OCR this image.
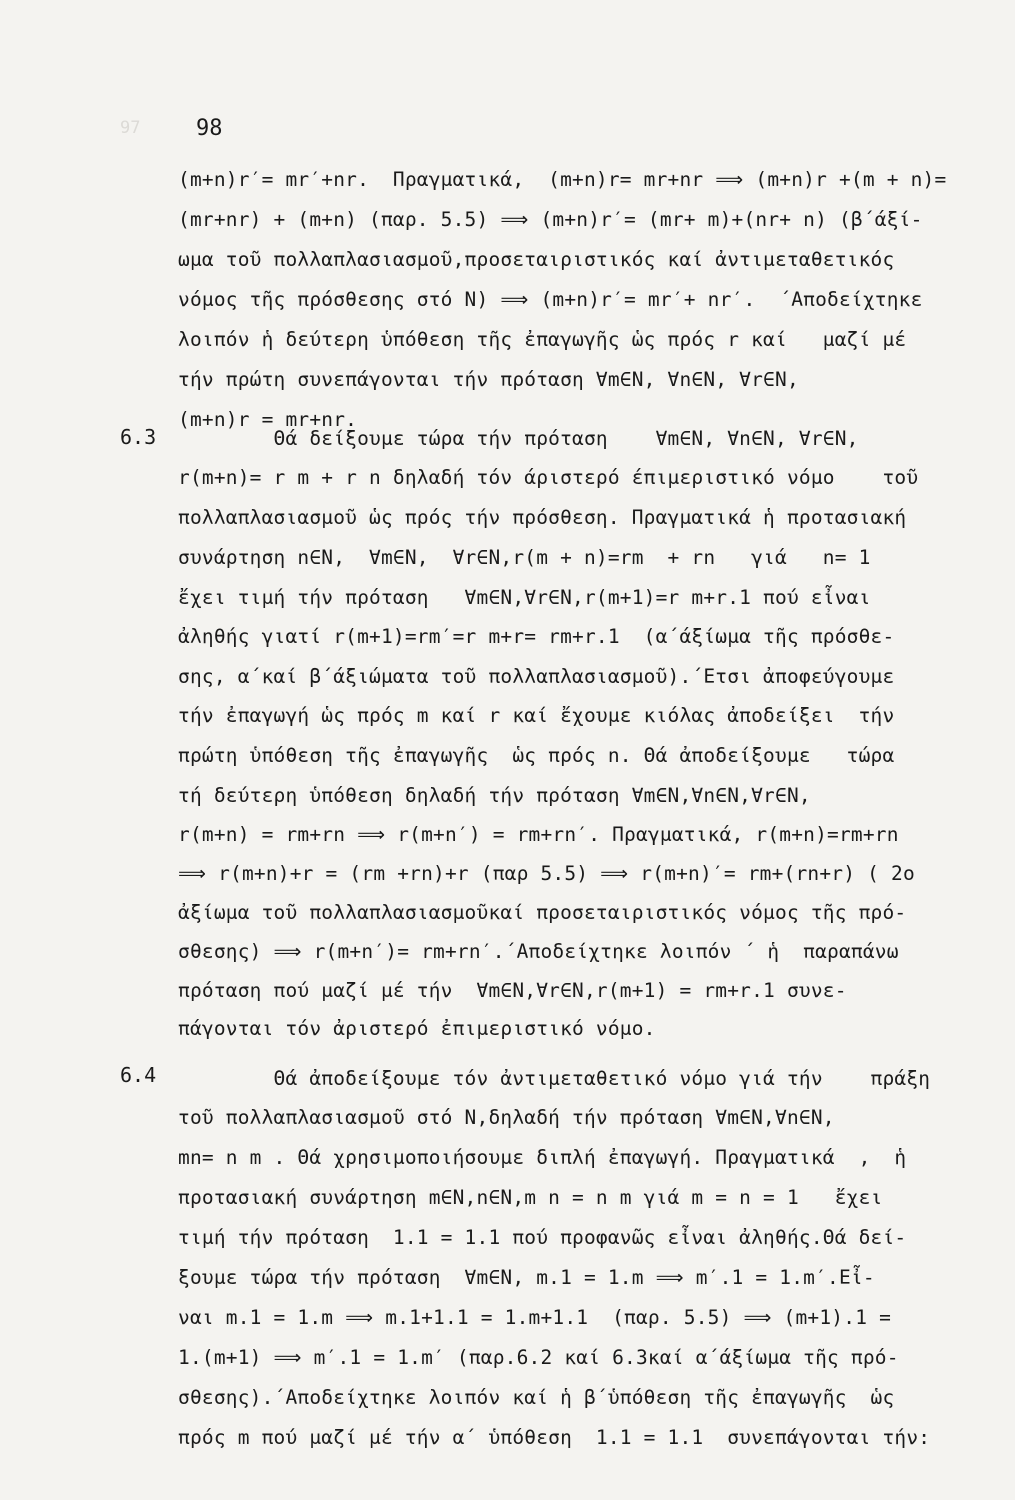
97	98
(m+n)r′= mr′+nr.  Πραγματικά,  (m+n)r= mr+nr ⟹ (m+n)r +(m + n)=
(mr+nr) + (m+n) (παρ. 5.5) ⟹ (m+n)r′= (mr+ m)+(nr+ n) (β΄άξί-
ωμα τοῦ πολλαπλασιασμοῦ,προσεταιριστικός καί ἀντιμεταθετικός
νόμος τῆς πρόσθεσης στό N) ⟹ (m+n)r′= mr′+ nr′.  ΄Αποδείχτηκε
λοιπόν ἡ δεύτερη ὑπόθεση τῆς ἐπαγωγῆς ὡς πρός r καί   μαζί μέ
τήν πρώτη συνεπάγονται τήν πρόταση ∀m∈N, ∀n∈N, ∀r∈N,
(m+n)r = mr+nr.
6.3 Θά δείξουμε τώρα τήν πρόταση    ∀m∈N, ∀n∈N, ∀r∈N,
r(m+n)= r m + r n δηλαδή τόν άριστερό έπιμεριστικό νόμο    τοῦ
πολλαπλασιασμοῦ ὡς πρός τήν πρόσθεση. Πραγματικά ἡ προτασιακή
συνάρτηση n∈N,  ∀m∈N,  ∀r∈N,r(m + n)=rm  + rn   γιά   n= 1
ἔχει τιμή τήν πρόταση   ∀m∈N,∀r∈N,r(m+1)=r m+r.1 πού εἶναι
ἀληθής γιατί r(m+1)=rm′=r m+r= rm+r.1  (α΄άξίωμα τῆς πρόσθε-
σης, α΄καί β΄άξιώματα τοῦ πολλαπλασιασμοῦ).΄Ετσι ἀποφεύγουμε
τήν ἐπαγωγή ὡς πρός m καί r καί ἔχουμε κιόλας ἀποδείξει  τήν
πρώτη ὑπόθεση τῆς ἐπαγωγῆς  ὡς πρός n. Θά ἀποδείξουμε   τώρα
τή δεύτερη ὑπόθεση δηλαδή τήν πρόταση ∀m∈N,∀n∈N,∀r∈N,
r(m+n) = rm+rn ⟹ r(m+n′) = rm+rn′. Πραγματικά, r(m+n)=rm+rn
⟹ r(m+n)+r = (rm +rn)+r (παρ 5.5) ⟹ r(m+n)′= rm+(rn+r) ( 2ο
ἀξίωμα τοῦ πολλαπλασιασμοῦκαί προσεταιριστικός νόμος τῆς πρό-
σθεσης) ⟹ r(m+n′)= rm+rn′.΄Αποδείχτηκε λοιπόν ΄ ἡ  παραπάνω
πρόταση πού μαζί μέ τήν  ∀m∈N,∀r∈N,r(m+1) = rm+r.1 συνε-
πάγονται τόν ἀριστερό ἐπιμεριστικό νόμο.
6.4 Θά ἀποδείξουμε τόν ἀντιμεταθετικό νόμο γιά τήν    πράξη
τοῦ πολλαπλασιασμοῦ στό N,δηλαδή τήν πρόταση ∀m∈N,∀n∈N,
mn= n m . Θά χρησιμοποιήσουμε διπλή ἐπαγωγή. Πραγματικά  ,  ἡ
προτασιακή συνάρτηση m∈N,n∈N,m n = n m γιά m = n = 1   ἔχει
τιμή τήν πρόταση  1.1 = 1.1 πού προφανῶς εἶναι ἀληθής.Θά δεί-
ξουμε τώρα τήν πρόταση  ∀m∈N, m.1 = 1.m ⟹ m′.1 = 1.m′.Εἶ-
ναι m.1 = 1.m ⟹ m.1+1.1 = 1.m+1.1  (παρ. 5.5) ⟹ (m+1).1 =
1.(m+1) ⟹ m′.1 = 1.m′ (παρ.6.2 καί 6.3καί α΄άξίωμα τῆς πρό-
σθεσης).΄Αποδείχτηκε λοιπόν καί ἡ β΄ὑπόθεση τῆς ἐπαγωγῆς  ὡς
πρός m πού μαζί μέ τήν α΄ ὑπόθεση  1.1 = 1.1  συνεπάγονται τήν:
